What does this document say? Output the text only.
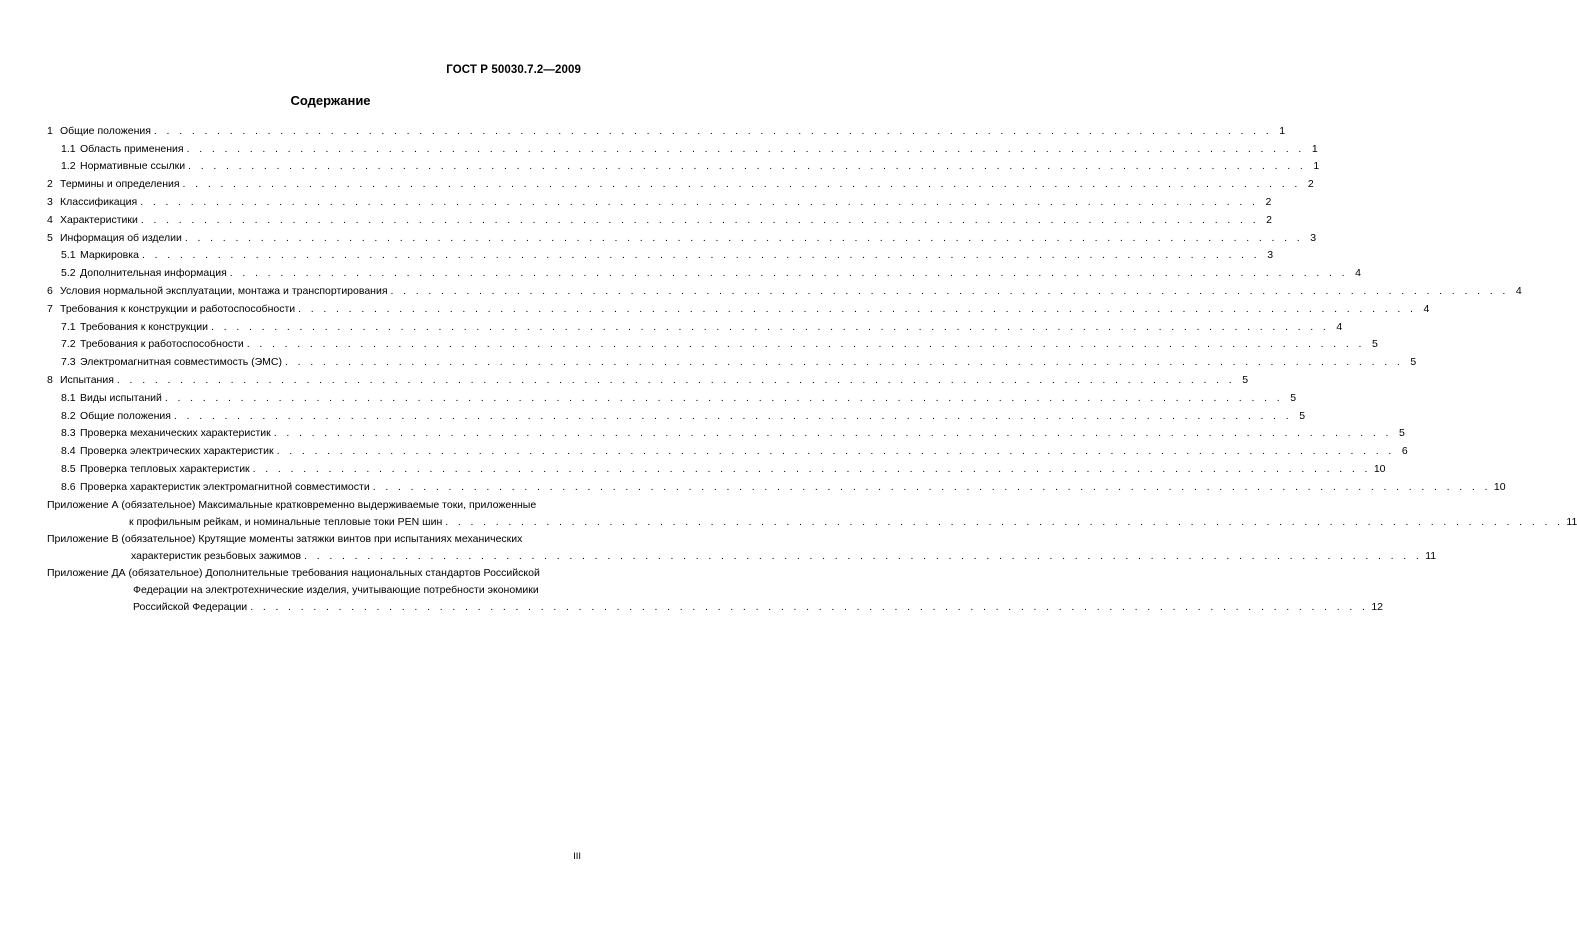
ГОСТ Р 50030.7.2—2009
Содержание
1 Общие положения . . . . . . . . . . . . . . . . . . . . . . . . . . . . . . . . . . . . . . . . . . . . . . . . . . . . . . . . . . . . . . . . . . . . . . . . . . . . . . . . . . . . . . . . . 1
1.1 Область применения . . . . . . . . . . . . . . . . . . . . . . . . . . . . . . . . . . . . . . . . . . . . . . . . . . . . . . . . . . . . . . . . . . . . . . . . . . . . . . . . . . . . . . . . . 1
1.2 Нормативные ссылки . . . . . . . . . . . . . . . . . . . . . . . . . . . . . . . . . . . . . . . . . . . . . . . . . . . . . . . . . . . . . . . . . . . . . . . . . . . . . . . . . . . . . . . . . 1
2 Термины и определения . . . . . . . . . . . . . . . . . . . . . . . . . . . . . . . . . . . . . . . . . . . . . . . . . . . . . . . . . . . . . . . . . . . . . . . . . . . . . . . . . . . . . . . . . 2
3 Классификация . . . . . . . . . . . . . . . . . . . . . . . . . . . . . . . . . . . . . . . . . . . . . . . . . . . . . . . . . . . . . . . . . . . . . . . . . . . . . . . . . . . . . . . . . 2
4 Характеристики . . . . . . . . . . . . . . . . . . . . . . . . . . . . . . . . . . . . . . . . . . . . . . . . . . . . . . . . . . . . . . . . . . . . . . . . . . . . . . . . . . . . . . . . . 2
5 Информация об изделии . . . . . . . . . . . . . . . . . . . . . . . . . . . . . . . . . . . . . . . . . . . . . . . . . . . . . . . . . . . . . . . . . . . . . . . . . . . . . . . . . . . . . . . . . 3
5.1 Маркировка . . . . . . . . . . . . . . . . . . . . . . . . . . . . . . . . . . . . . . . . . . . . . . . . . . . . . . . . . . . . . . . . . . . . . . . . . . . . . . . . . . . . . . . . . 3
5.2 Дополнительная информация . . . . . . . . . . . . . . . . . . . . . . . . . . . . . . . . . . . . . . . . . . . . . . . . . . . . . . . . . . . . . . . . . . . . . . . . . . . . . . . . . . . . . . . . . 4
6 Условия нормальной эксплуатации, монтажа и транспортирования . . . . . . . . . . . . . . . . . . . . . . . . . . . . . . . . . . . . . . . . . . . . . . . . . . . . . . . . . . . . . . . . . . . . . . . . . . . . . . . . . . . . . . . . . 4
7 Требования к конструкции и работоспособности . . . . . . . . . . . . . . . . . . . . . . . . . . . . . . . . . . . . . . . . . . . . . . . . . . . . . . . . . . . . . . . . . . . . . . . . . . . . . . . . . . . . . . . . . 4
7.1 Требования к конструкции . . . . . . . . . . . . . . . . . . . . . . . . . . . . . . . . . . . . . . . . . . . . . . . . . . . . . . . . . . . . . . . . . . . . . . . . . . . . . . . . . . . . . . . . . 4
7.2 Требования к работоспособности . . . . . . . . . . . . . . . . . . . . . . . . . . . . . . . . . . . . . . . . . . . . . . . . . . . . . . . . . . . . . . . . . . . . . . . . . . . . . . . . . . . . . . . . . 5
7.3 Электромагнитная совместимость (ЭМС) . . . . . . . . . . . . . . . . . . . . . . . . . . . . . . . . . . . . . . . . . . . . . . . . . . . . . . . . . . . . . . . . . . . . . . . . . . . . . . . . . . . . . . . . . 5
8 Испытания . . . . . . . . . . . . . . . . . . . . . . . . . . . . . . . . . . . . . . . . . . . . . . . . . . . . . . . . . . . . . . . . . . . . . . . . . . . . . . . . . . . . . . . . . 5
8.1 Виды испытаний . . . . . . . . . . . . . . . . . . . . . . . . . . . . . . . . . . . . . . . . . . . . . . . . . . . . . . . . . . . . . . . . . . . . . . . . . . . . . . . . . . . . . . . . . 5
8.2 Общие положения . . . . . . . . . . . . . . . . . . . . . . . . . . . . . . . . . . . . . . . . . . . . . . . . . . . . . . . . . . . . . . . . . . . . . . . . . . . . . . . . . . . . . . . . . 5
8.3 Проверка механических характеристик . . . . . . . . . . . . . . . . . . . . . . . . . . . . . . . . . . . . . . . . . . . . . . . . . . . . . . . . . . . . . . . . . . . . . . . . . . . . . . . . . . . . . . . . . 5
8.4 Проверка электрических характеристик . . . . . . . . . . . . . . . . . . . . . . . . . . . . . . . . . . . . . . . . . . . . . . . . . . . . . . . . . . . . . . . . . . . . . . . . . . . . . . . . . . . . . . . . . 6
8.5 Проверка тепловых характеристик . . . . . . . . . . . . . . . . . . . . . . . . . . . . . . . . . . . . . . . . . . . . . . . . . . . . . . . . . . . . . . . . . . . . . . . . . . . . . . . . . . . . . . . . . 10
8.6 Проверка характеристик электромагнитной совместимости . . . . . . . . . . . . . . . . . . . . . . . . . . . . . . . . . . . . . . . . . . . . . . . . . . . . . . . . . . . . . . . . . . . . . . . . . . . . . . . . . . . . . . . . . 10
Приложение А (обязательное) Максимальные кратковременно выдерживаемые токи, приложенные
к профильным рейкам, и номинальные тепловые токи PEN шин . . . . . . . . . . . . . . . . . . . . . . . . . . . . . . . . . . . . . . . . . . . . . . . . . . . . . . . . . . . . . . . . . . . . . . . . . . . . . . . . . . . . . . . . . 11
Приложение В (обязательное) Крутящие моменты затяжки винтов при испытаниях механических
характеристик резьбовых зажимов . . . . . . . . . . . . . . . . . . . . . . . . . . . . . . . . . . . . . . . . . . . . . . . . . . . . . . . . . . . . . . . . . . . . . . . . . . . . . . . . . . . . . . . . . 11
Приложение ДА (обязательное) Дополнительные требования национальных стандартов Российской
Федерации на электротехнические изделия, учитывающие потребности экономики
Российской Федерации . . . . . . . . . . . . . . . . . . . . . . . . . . . . . . . . . . . . . . . . . . . . . . . . . . . . . . . . . . . . . . . . . . . . . . . . . . . . . . . . . . . . . . . . . 12
III
